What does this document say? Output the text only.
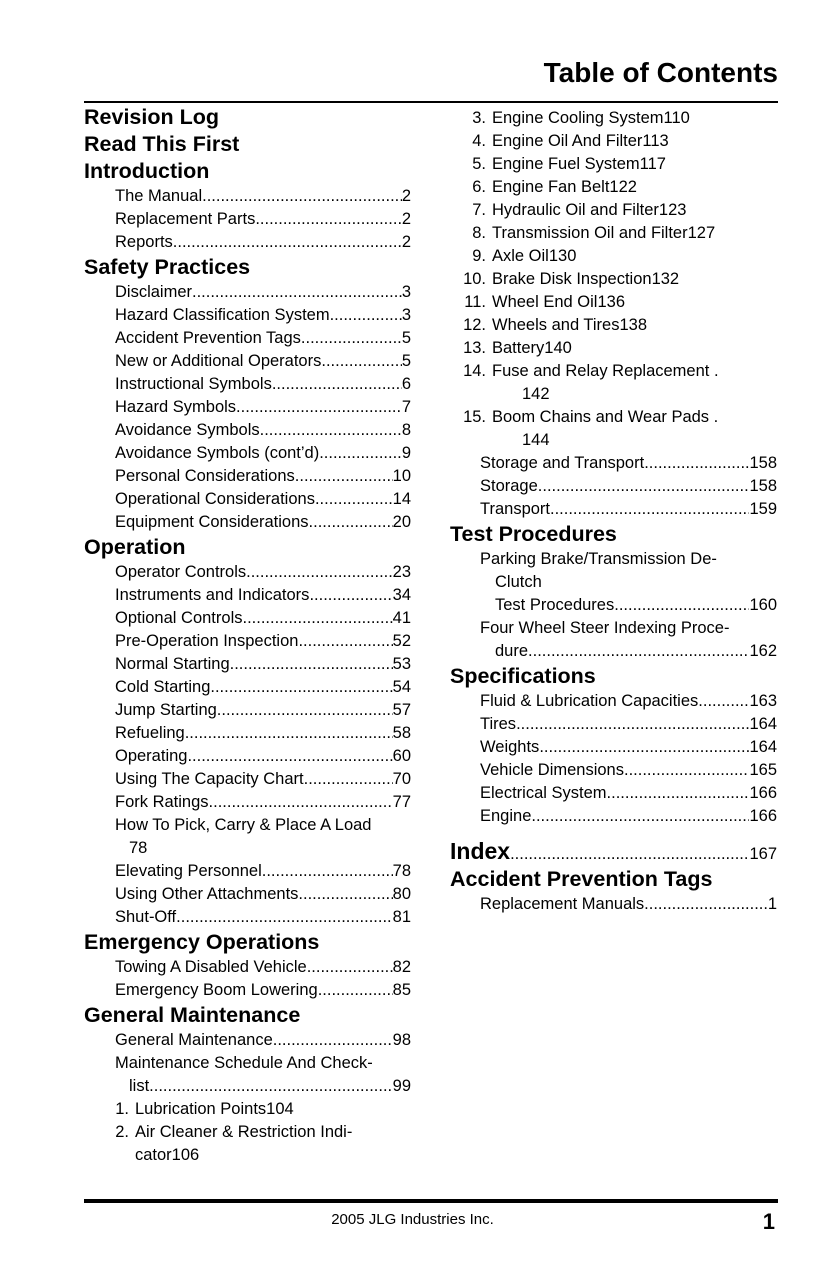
Table of Contents
Revision Log
Read This First
Introduction
The Manual .....	2
Replacement Parts .....	2
Reports .....	2
Safety Practices
Disclaimer .....	3
Hazard Classification System .....	3
Accident Prevention Tags .....	5
New or Additional Operators .....	5
Instructional Symbols .....	6
Hazard Symbols .....	7
Avoidance Symbols .....	8
Avoidance Symbols (cont’d) .....	9
Personal Considerations .....	10
Operational Considerations .....	14
Equipment Considerations .....	20
Operation
Operator Controls .....	23
Instruments and Indicators .....	34
Optional Controls .....	41
Pre-Operation Inspection .....	52
Normal Starting .....	53
Cold Starting .....	54
Jump Starting .....	57
Refueling .....	58
Operating .....	60
Using The Capacity Chart .....	70
Fork Ratings .....	77
How To Pick, Carry & Place A Load
78
Elevating Personnel .....	78
Using Other Attachments .....	80
Shut-Off .....	81
Emergency Operations
Towing A Disabled Vehicle .....	82
Emergency Boom Lowering .....	85
General Maintenance
General Maintenance .....	98
Maintenance Schedule And Check-
list .....	99
1. Lubrication Points 104
2. Air Cleaner & Restriction Indi-
cator106
3. Engine Cooling System 110
4. Engine Oil And Filter 113
5. Engine Fuel System 117
6. Engine Fan Belt 122
7. Hydraulic Oil and Filter 123
8. Transmission Oil and Filter 127
9. Axle Oil 130
10. Brake Disk Inspection 132
11. Wheel End Oil 136
12. Wheels and Tires 138
13. Battery 140
14. Fuse and Relay Replacement .
142
15. Boom Chains and Wear Pads .
144
Storage and Transport .....	158
Storage .....	158
Transport .....	159
Test Procedures
Parking Brake/Transmission De-
Clutch
Test Procedures .....	160
Four Wheel Steer Indexing Proce-
dure .....	162
Specifications
Fluid & Lubrication Capacities .....	163
Tires .....	164
Weights .....	164
Vehicle Dimensions .....	165
Electrical System .....	166
Engine .....	166
Index .....	167
Accident Prevention Tags
Replacement Manuals .....	1
2005 JLG Industries Inc.	1
